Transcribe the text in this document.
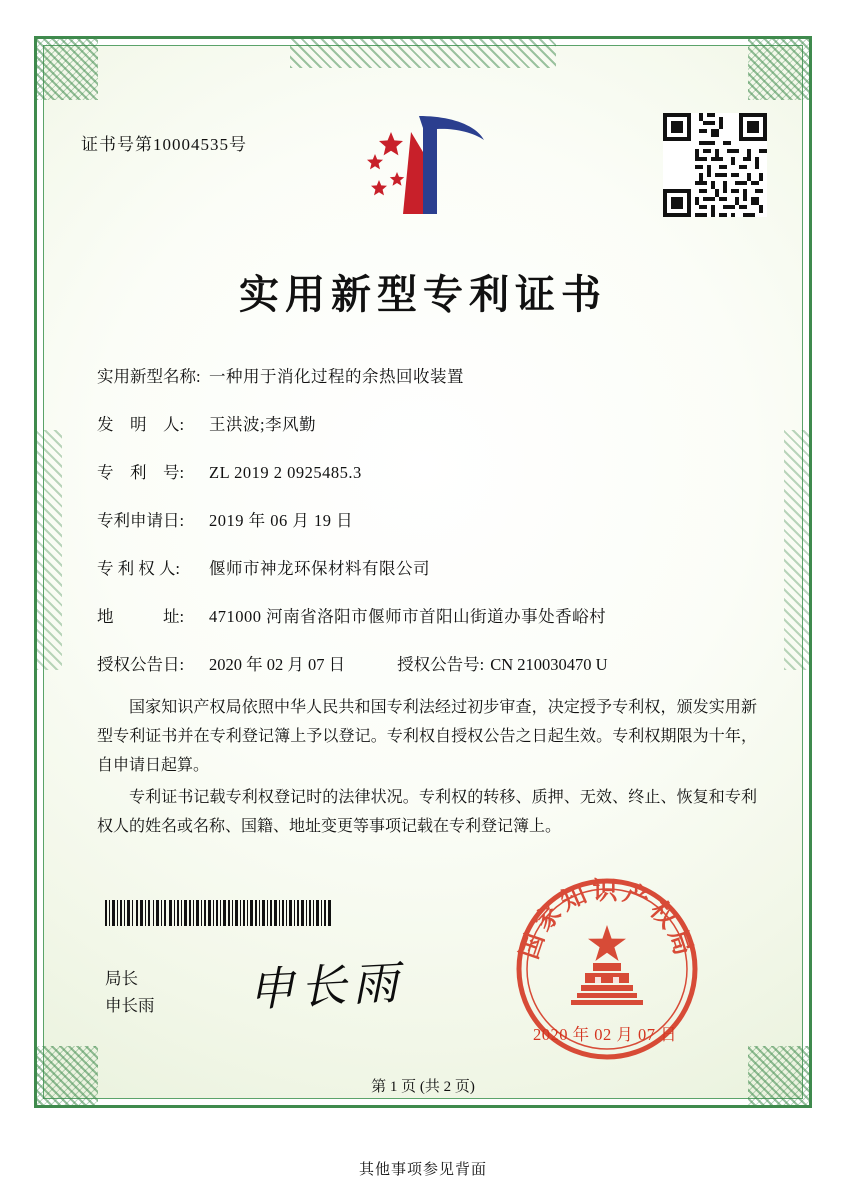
证书号第10004535号
实用新型专利证书
实用新型名称: 一种用于消化过程的余热回收装置
发　明　人:	王洪波;李风勤
专　利　号:	ZL 2019 2 0925485.3
专利申请日:	2019 年 06 月 19 日
专 利 权 人:	偃师市神龙环保材料有限公司
地　　　址:	471000 河南省洛阳市偃师市首阳山街道办事处香峪村
授权公告日:	2020 年 02 月 07 日	授权公告号: CN 210030470 U
国家知识产权局依照中华人民共和国专利法经过初步审查，决定授予专利权，颁发实用新型专利证书并在专利登记簿上予以登记。专利权自授权公告之日起生效。专利权期限为十年，自申请日起算。
专利证书记载专利权登记时的法律状况。专利权的转移、质押、无效、终止、恢复和专利权人的姓名或名称、国籍、地址变更等事项记载在专利登记簿上。
局长
申长雨 申长雨
国家知识产权局
2020 年 02 月 07 日
第 1 页 (共 2 页)
其他事项参见背面
